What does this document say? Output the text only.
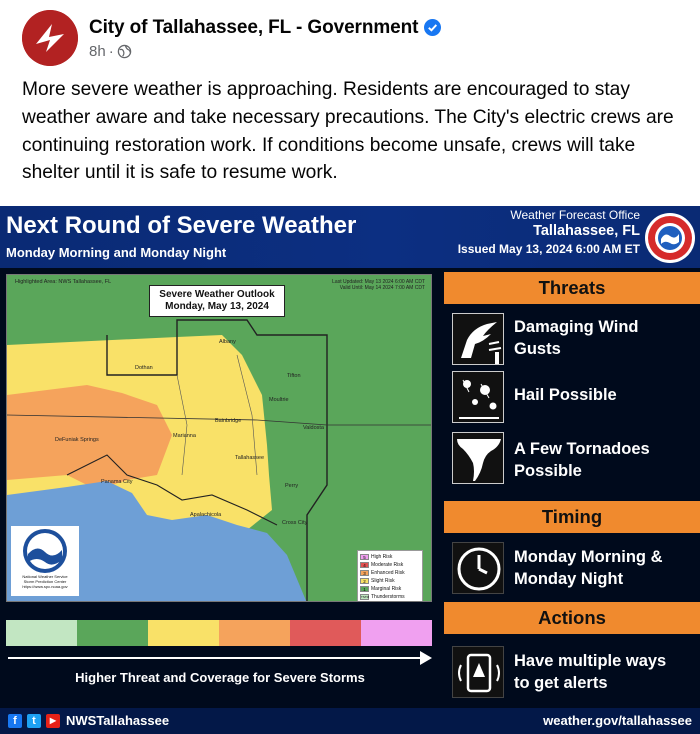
City of Tallahassee, FL - Government
8h ·
More severe weather is approaching. Residents are encouraged to stay weather aware and take necessary precautions. The City's electric crews are continuing restoration work. If conditions become unsafe, crews will take shelter until it is safe to resume work.
Next Round of Severe Weather
Monday Morning and Monday Night
Weather Forecast Office
Tallahassee, FL
Issued May 13, 2024 6:00 AM ET
Highlighted Area: NWS Tallahassee, FL	Last Updated: May 13 2024 6:00 AM CDT
Valid Until: May 14 2024 7:00 AM CDT
Severe Weather Outlook
Monday, May 13, 2024
Albany
Dothan
Tifton
Moultrie
Bainbridge
Valdosta
DeFuniak Springs
Marianna
Tallahassee
Panama City
Perry
Apalachicola
Cross City
National Weather Service
Storm Prediction Center
https://www.spc.noaa.gov
5	High Risk
4	Moderate Risk
3	Enhanced Risk
2	Slight Risk
1	Marginal Risk
TSTM Thunderstorms
Higher Threat and Coverage for Severe Storms
Threats
Damaging Wind
Gusts
Hail Possible
A Few Tornadoes
Possible
Timing
Monday Morning &
Monday Night
Actions
Have multiple ways
to get alerts
f	t	▶ NWSTallahassee	weather.gov/tallahassee
